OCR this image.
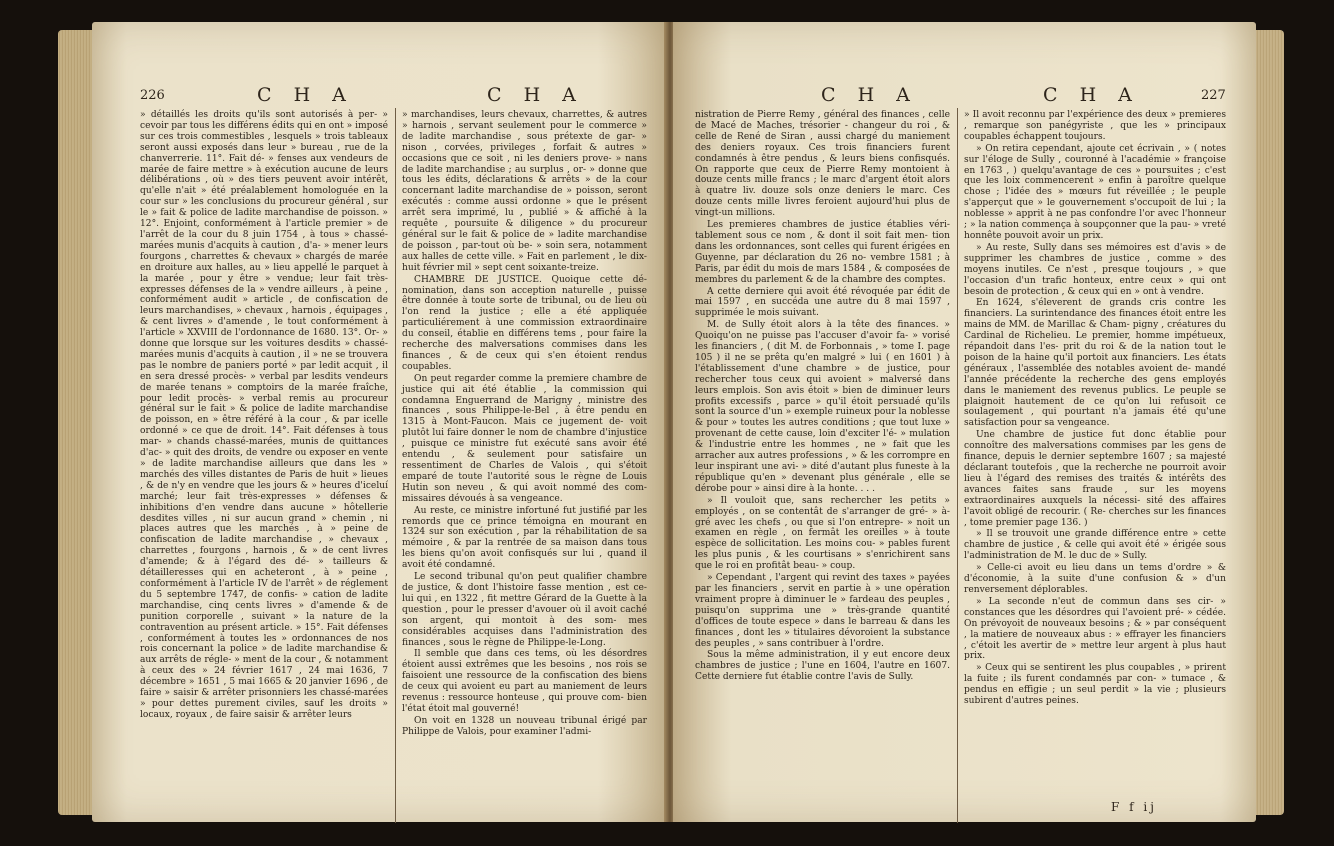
226	C H A	C H A

» détaillés les droits qu'ils sont autorisés à per- » cevoir par tous les différens édits qui en ont » imposé sur ces trois commestibles , lesquels » trois tableaux seront aussi exposés dans leur » bureau , rue de la chanverrerie. 11°. Fait dé- » fenses aux vendeurs de marée de faire mettre » à exécution aucune de leurs délibérations , où » des tiers peuvent avoir intérêt, qu'elle n'ait » été préalablement homologuée en la cour sur » les conclusions du procureur général , sur le » fait & police de ladite marchandise de poisson. » 12°. Enjoint, conformément à l'article premier » de l'arrêt de la cour du 8 juin 1754 , à tous » chassé-marées munis d'acquits à caution , d'a- » mener leurs fourgons , charrettes & chevaux » chargés de marée en droiture aux halles, au » lieu appellé le parquet à la marée , pour y être » vendue; leur fait très-expresses défenses de la » vendre ailleurs , à peine , conformément audit » article , de confiscation de leurs marchandises, » chevaux , harnois , équipages , & cent livres » d'amende , le tout conformément à l'article » XXVIII de l'ordonnance de 1680. 13°. Or- » donne que lorsque sur les voitures desdits » chassé-marées munis d'acquits à caution , il » ne se trouvera pas le nombre de paniers porté » par ledit acquit , il en sera dressé procès- » verbal par lesdits vendeurs de marée tenans » comptoirs de la marée fraîche, pour ledit procès- » verbal remis au procureur général sur le fait » & police de ladite marchandise de poisson, en » être référé à la cour , & par icelle ordonné » ce que de droit. 14°. Fait défenses à tous mar- » chands chassé-marées, munis de quittances d'ac- » quit des droits, de vendre ou exposer en vente » de ladite marchandise ailleurs que dans les » marchés des villes distantes de Paris de huit » lieues , & de n'y en vendre que les jours & » heures d'iceluí marché; leur fait très-expresses » défenses & inhibitions d'en vendre dans aucune » hôtellerie desdites villes , ni sur aucun grand » chemin , ni places autres que les marchés , à » peine de confiscation de ladite marchandise , » chevaux , charrettes , fourgons , harnois , & » de cent livres d'amende; & à l'égard des dé- » tailleurs & détailleresses qui en acheteront , à » peine , conformément à l'article IV de l'arrêt » de réglement du 5 septembre 1747, de confis- » cation de ladite marchandise, cinq cents livres » d'amende & de punition corporelle , suivant » la nature de la contravention au présent article. » 15°. Fait défenses , conformément à toutes les » ordonnances de nos rois concernant la police » de ladite marchandise & aux arrêts de régle- » ment de la cour , & notamment à ceux des » 24 février 1617 , 24 mai 1636, 7 décembre » 1651 , 5 mai 1665 & 20 janvier 1696 , de faire » saisir & arrêter prisonniers les chassé-marées » pour dettes purement civiles, sauf les droits » locaux, royaux , de faire saisir & arrêter leurs

» marchandises, leurs chevaux, charrettes, & autres » harnois , servant seulement pour le commerce » de ladite marchandise , sous prétexte de gar- » nison , corvées, privileges , forfait & autres » occasions que ce soit , ni les deniers prove- » nans de ladite marchandise ; au surplus , or- » donne que tous les édits, déclarations & arrêts » de la cour concernant ladite marchandise de » poisson, seront exécutés : comme aussi ordonne » que le présent arrêt sera imprimé, lu , publié » & affiché à la requête , poursuite & diligence » du procureur général sur le fait & police de » ladite marchandise de poisson , par-tout où be- » soin sera, notamment aux halles de cette ville. » Fait en parlement , le dix-huit février mil » sept cent soixante-treize.

CHAMBRE DE JUSTICE. Quoique cette dé- nomination, dans son acception naturelle , puisse être donnée à toute sorte de tribunal, ou de lieu où l'on rend la justice ; elle a été appliquée particuliérement à une commission extraordinaire du conseil, établie en différens tems , pour faire la recherche des malversations commises dans les finances , & de ceux qui s'en étoient rendus coupables.

On peut regarder comme la premiere chambre de justice qui ait été établie , la commission qui condamna Enguerrand de Marigny , ministre des finances , sous Philippe-le-Bel , à être pendu en 1315 à Mont-Faucon. Mais ce jugement de- voit plutôt lui faire donner le nom de chambre d'injustice , puisque ce ministre fut exécuté sans avoir été entendu , & seulement pour satisfaire un ressentiment de Charles de Valois , qui s'étoit emparé de toute l'autorité sous le règne de Louis Hutin son neveu , & qui avoit nommé des com- missaires dévoués à sa vengeance.

Au reste, ce ministre infortuné fut justifié par les remords que ce prince témoigna en mourant en 1324 sur son exécution , par la réhabilitation de sa mémoire , & par la rentrée de sa maison dans tous les biens qu'on avoit confisqués sur lui , quand il avoit été condamné.

Le second tribunal qu'on peut qualifier chambre de justice, & dont l'histoire fasse mention , est ce- lui qui , en 1322 , fit mettre Gérard de la Guette à la question , pour le presser d'avouer où il avoit caché son argent, qui montoit à des som- mes considérables acquises dans l'administration des finances , sous le règne de Philippe-le-Long.

Il semble que dans ces tems, où les désordres étoient aussi extrêmes que les besoins , nos rois se faisoient une ressource de la confiscation des biens de ceux qui avoient eu part au maniement de leurs revenus : ressource honteuse , qui prouve com- bien l'état étoit mal gouverné!

On voit en 1328 un nouveau tribunal érigé par Philippe de Valois, pour examiner l'admi-

C H A	C H A	227

nistration de Pierre Remy , général des finances , celle de Macé de Maches, trésorier - changeur du roi , & celle de René de Siran , aussi chargé du maniement des deniers royaux. Ces trois financiers furent condamnés à être pendus , & leurs biens confisqués. On rapporte que ceux de Pierre Remy montoient à douze cents mille francs ; le marc d'argent étoit alors à quatre liv. douze sols onze deniers le marc. Ces douze cents mille livres feroient aujourd'hui plus de vingt-un millions.

Les premieres chambres de justice établies véri- tablement sous ce nom , & dont il soit fait men- tion dans les ordonnances, sont celles qui furent érigées en Guyenne, par déclaration du 26 no- vembre 1581 ; à Paris, par édit du mois de mars 1584 , & composées de membres du parlement & de la chambre des comptes.

A cette derniere qui avoit été révoquée par édit de mai 1597 , en succéda une autre du 8 mai 1597 , supprimée le mois suivant.

M. de Sully étoit alors à la tête des finances. » Quoiqu'on ne puisse pas l'accuser d'avoir fa- » vorisé les financiers , ( dit M. de Forbonnais , » tome I. page 105 ) il ne se prêta qu'en malgré » lui ( en 1601 ) à l'établissement d'une chambre » de justice, pour rechercher tous ceux qui avoient » malversé dans leurs emplois. Son avis étoit » bien de diminuer leurs profits excessifs , parce » qu'il étoit persuadé qu'ils sont la source d'un » exemple ruineux pour la noblesse & pour » toutes les autres conditions ; que tout luxe » provenant de cette cause, loin d'exciter l'é- » mulation & l'industrie entre les hommes , ne » fait que les arracher aux autres professions , » & les corrompre en leur inspirant une avi- » dité d'autant plus funeste à la république qu'en » devenant plus générale , elle se dérobe pour » ainsi dire à la honte. . . .

» Il vouloit que, sans rechercher les petits » employés , on se contentât de s'arranger de gré- » à-gré avec les chefs , ou que si l'on entrepre- » noit un examen en règle , on fermât les oreilles » à toute espèce de sollicitation. Les moins cou- » pables furent les plus punis , & les courtisans » s'enrichirent sans que le roi en profitât beau- » coup.

» Cependant , l'argent qui revint des taxes » payées par les financiers , servit en partie à » une opération vraiment propre à diminuer le » fardeau des peuples , puisqu'on supprima une » très-grande quantité d'offices de toute espece » dans le barreau & dans les finances , dont les » titulaires dévoroient la substance des peuples , » sans contribuer à l'ordre.

Sous la même administration, il y eut encore deux chambres de justice ; l'une en 1604, l'autre en 1607. Cette derniere fut établie contre l'avis de Sully.

» Il avoit reconnu par l'expérience des deux » premieres , remarque son panégyriste , que les » principaux coupables échappent toujours.

» On retira cependant, ajoute cet écrivain , » ( notes sur l'éloge de Sully , couronné à l'académie » françoise en 1763 , ) quelqu'avantage de ces » poursuites ; c'est que les loix commencerent » enfin à paroître quelque chose ; l'idée des » mœurs fut réveillée ; le peuple s'apperçut que » le gouvernement s'occupoit de lui ; la noblesse » apprit à ne pas confondre l'or avec l'honneur ; » la nation commença à soupçonner que la pau- » vreté honnête pouvoit avoir un prix.

» Au reste, Sully dans ses mémoires est d'avis » de supprimer les chambres de justice , comme » des moyens inutiles. Ce n'est , presque toujours , » que l'occasion d'un trafic honteux, entre ceux » qui ont besoin de protection , & ceux qui en » ont à vendre.

En 1624, s'éleverent de grands cris contre les financiers. La surintendance des finances étoit entre les mains de MM. de Marillac & Cham- pigny , créatures du Cardinal de Richelieu. Le premier, homme impétueux, répandoit dans l'es- prit du roi & de la nation tout le poison de la haine qu'il portoit aux financiers. Les états généraux , l'assemblée des notables avoient de- mandé l'année précédente la recherche des gens employés dans le maniement des revenus publics. Le peuple se plaignoit hautement de ce qu'on lui refusoit ce soulagement , qui pourtant n'a jamais été qu'une satisfaction pour sa vengeance.

Une chambre de justice fut donc établie pour connoître des malversations commises par les gens de finance, depuis le dernier septembre 1607 ; sa majesté déclarant toutefois , que la recherche ne pourroit avoir lieu à l'égard des remises des traités & intérêts des avances faites sans fraude , sur les moyens extraordinaires auxquels la nécessi- sité des affaires l'avoit obligé de recourir. ( Re- cherches sur les finances , tome premier page 136. )

» Il se trouvoit une grande différence entre » cette chambre de justice , & celle qui avoit été » érigée sous l'administration de M. le duc de » Sully.

» Celle-ci avoit eu lieu dans un tems d'ordre » & d'économie, à la suite d'une confusion & » d'un renversement déplorables.

» La seconde n'eut de commun dans ses cir- » constances que les désordres qui l'avoient pré- » cédée. On prévoyoit de nouveaux besoins ; & » par conséquent , la matiere de nouveaux abus : » effrayer les financiers , c'étoit les avertir de » mettre leur argent à plus haut prix.

» Ceux qui se sentirent les plus coupables , » prirent la fuite ; ils furent condamnés par con- » tumace , & pendus en effigie ; un seul perdit » la vie ; plusieurs subirent d'autres peines.

F f ij
